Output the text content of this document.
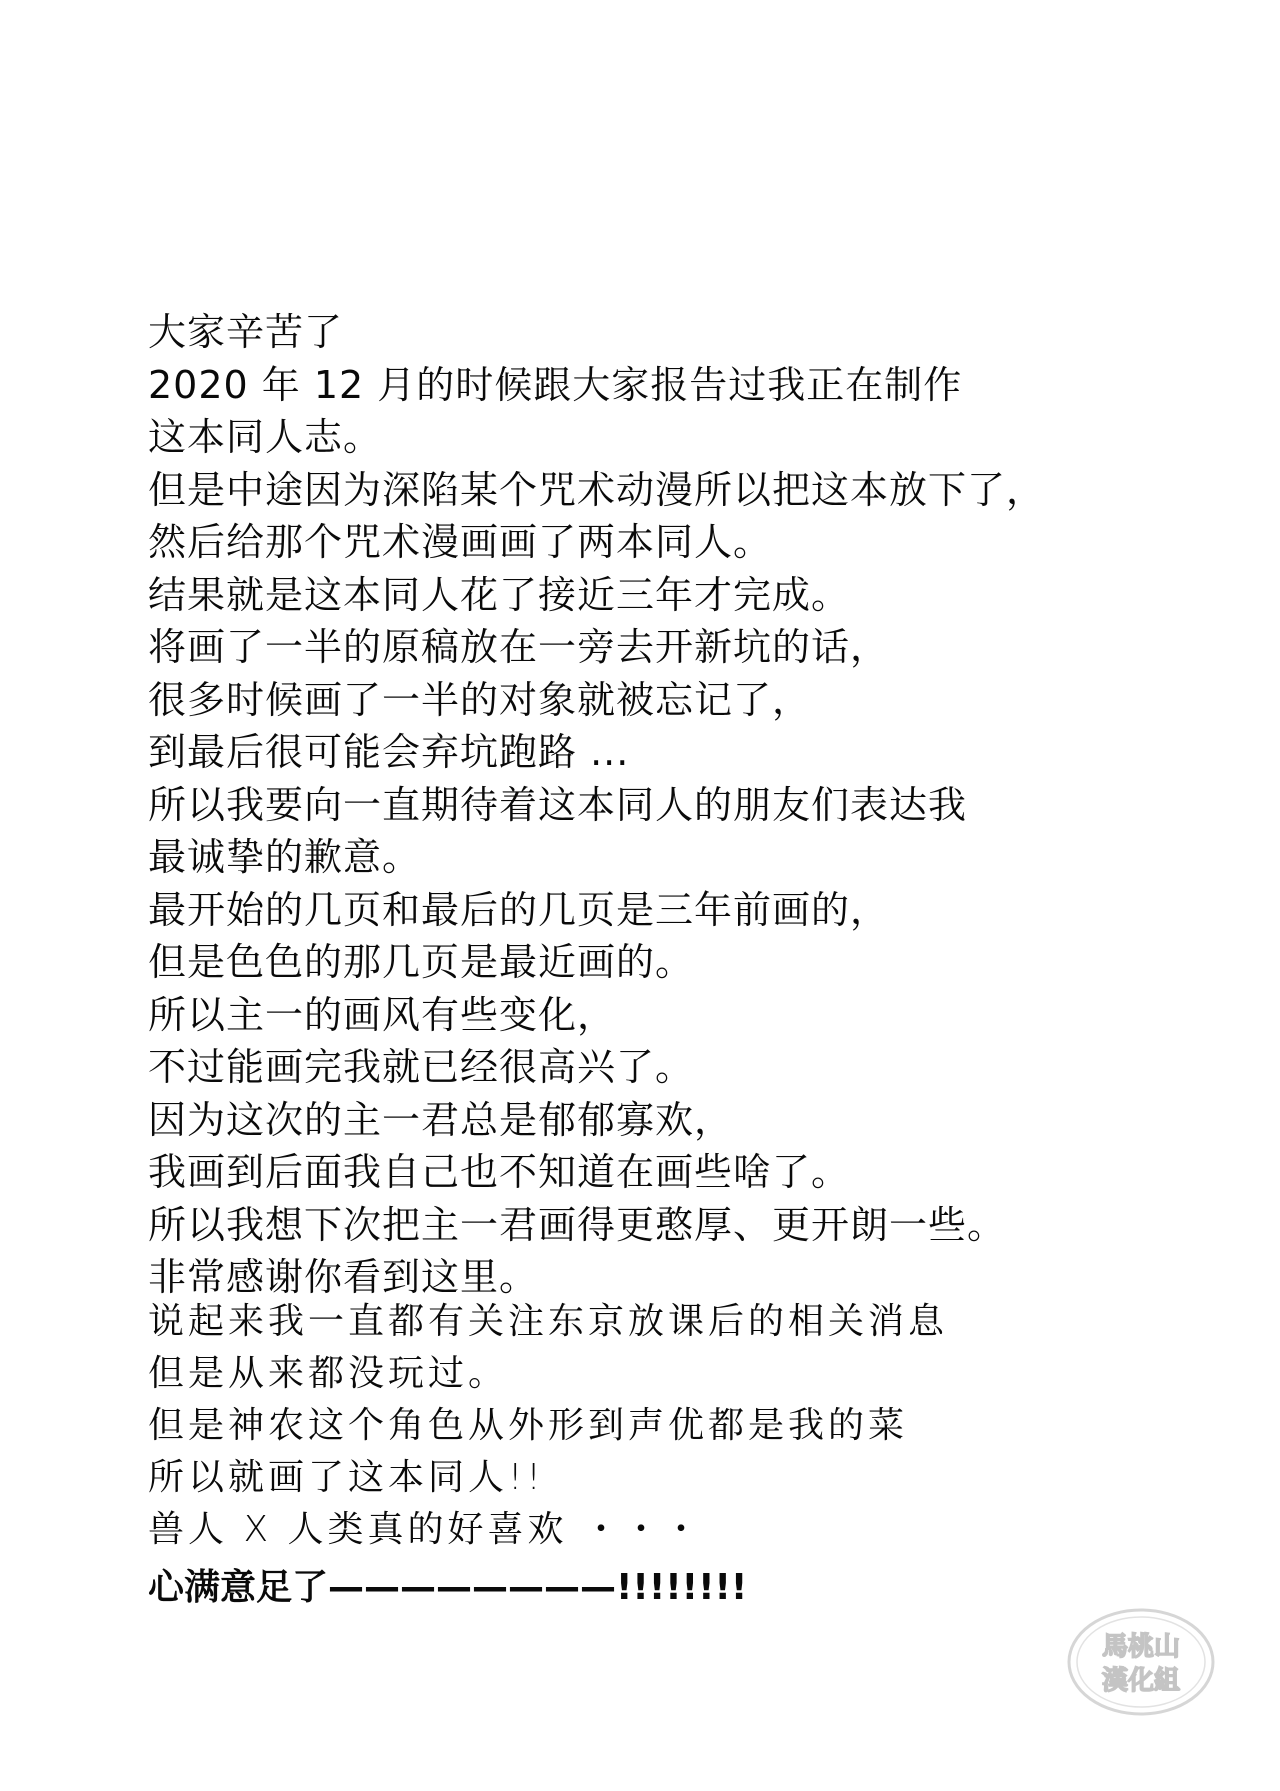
大家辛苦了
2020 年 12 月的时候跟大家报告过我正在制作
这本同人志。
但是中途因为深陷某个咒术动漫所以把这本放下了，
然后给那个咒术漫画画了两本同人。
结果就是这本同人花了接近三年才完成。
将画了一半的原稿放在一旁去开新坑的话，
很多时候画了一半的对象就被忘记了，
到最后很可能会弃坑跑路 ...
所以我要向一直期待着这本同人的朋友们表达我
最诚挚的歉意。
最开始的几页和最后的几页是三年前画的，
但是色色的那几页是最近画的。
所以主一的画风有些变化，
不过能画完我就已经很高兴了。
因为这次的主一君总是郁郁寡欢，
我画到后面我自己也不知道在画些啥了。
所以我想下次把主一君画得更憨厚、更开朗一些。
非常感谢你看到这里。
说起来我一直都有关注东京放课后的相关消息
但是从来都没玩过。
但是神农这个角色从外形到声优都是我的菜
所以就画了这本同人!!
兽人 X 人类真的好喜欢 ・・・
心满意足了————————!!!!!!!!
馬桃山
漢化組
